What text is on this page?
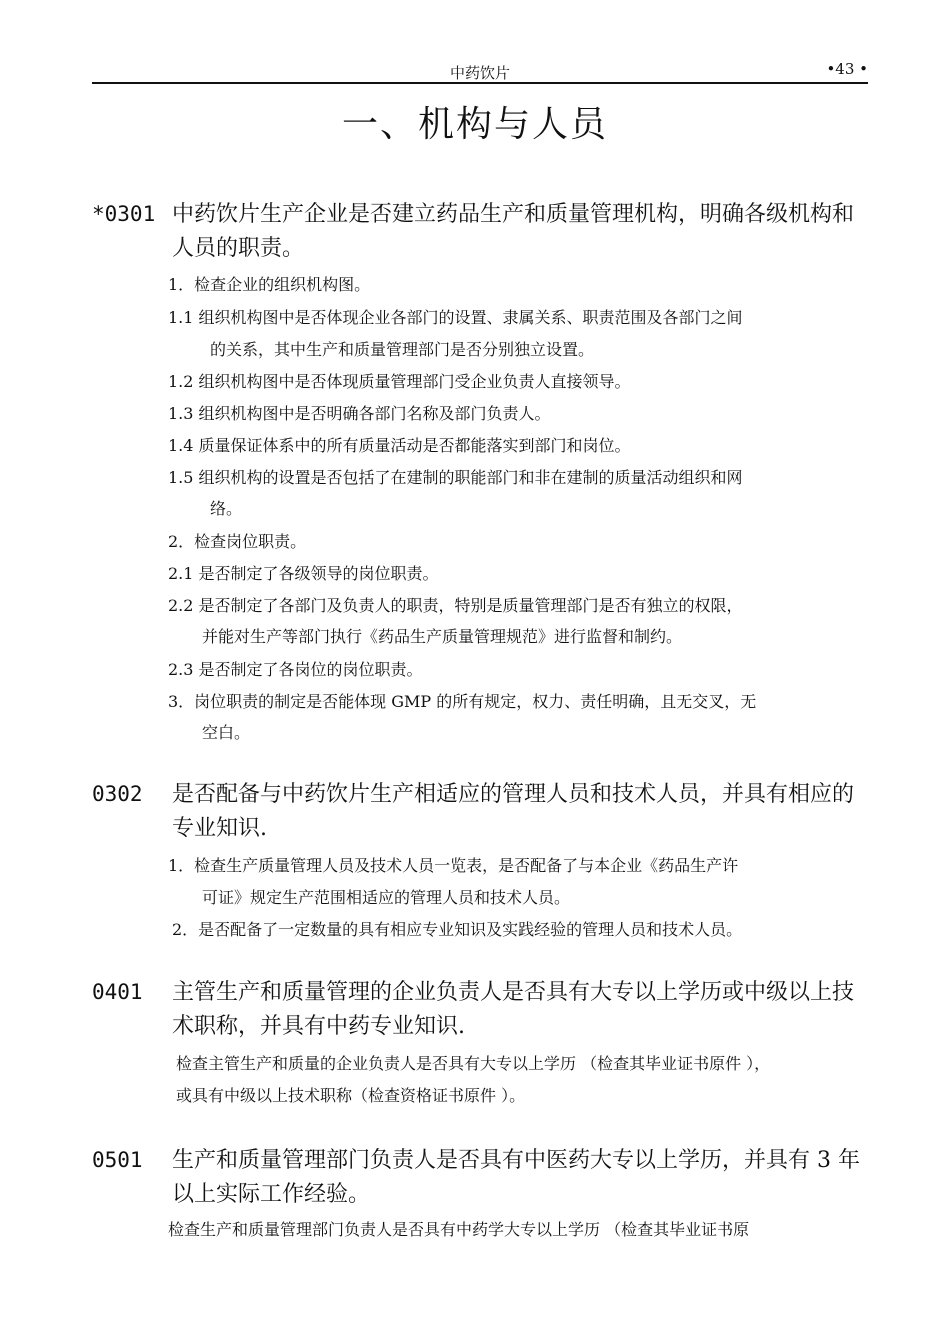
中药饮片	•43 •
一、机构与人员
*0301 中药饮片生产企业是否建立药品生产和质量管理机构，明确各级机构和人员的职责。
1．检查企业的组织机构图。
1.1 组织机构图中是否体现企业各部门的设置、隶属关系、职责范围及各部门之间
的关系，其中生产和质量管理部门是否分别独立设置。
1.2 组织机构图中是否体现质量管理部门受企业负责人直接领导。
1.3 组织机构图中是否明确各部门名称及部门负责人。
1.4 质量保证体系中的所有质量活动是否都能落实到部门和岗位。
1.5 组织机构的设置是否包括了在建制的职能部门和非在建制的质量活动组织和网
络。
2．检查岗位职责。
2.1 是否制定了各级领导的岗位职责。
2.2 是否制定了各部门及负责人的职责，特别是质量管理部门是否有独立的权限，
并能对生产等部门执行《药品生产质量管理规范》进行监督和制约。
2.3 是否制定了各岗位的岗位职责。
3．岗位职责的制定是否能体现 GMP 的所有规定，权力、责任明确，且无交叉，无
空白。
0302 是否配备与中药饮片生产相适应的管理人员和技术人员，并具有相应的专业知识.
1．检查生产质量管理人员及技术人员一览表，是否配备了与本企业《药品生产许
可证》规定生产范围相适应的管理人员和技术人员。
2．是否配备了一定数量的具有相应专业知识及实践经验的管理人员和技术人员。
0401 主管生产和质量管理的企业负责人是否具有大专以上学历或中级以上技术职称，并具有中药专业知识.
检查主管生产和质量的企业负责人是否具有大专以上学历 （检查其毕业证书原件 ），
或具有中级以上技术职称（检查资格证书原件 ）。
0501 生产和质量管理部门负责人是否具有中医药大专以上学历，并具有 3 年以上实际工作经验。
检查生产和质量管理部门负责人是否具有中药学大专以上学历 （检查其毕业证书原
